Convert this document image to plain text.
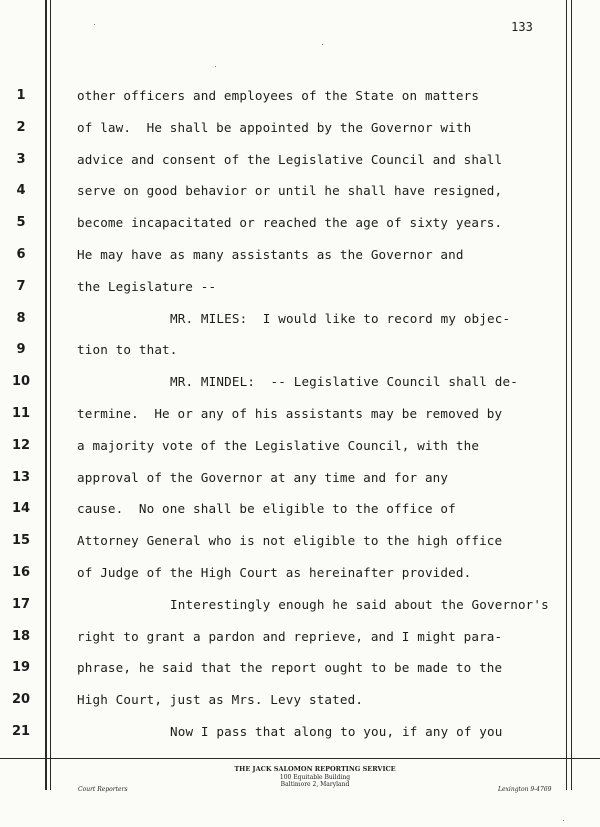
133
1	other officers and employees of the State on matters
2	of law.  He shall be appointed by the Governor with
3	advice and consent of the Legislative Council and shall
4	serve on good behavior or until he shall have resigned,
5	become incapacitated or reached the age of sixty years.
6	He may have as many assistants as the Governor and
7	the Legislature --
8	MR. MILES:  I would like to record my objec-
9	tion to that.
10	MR. MINDEL:  -- Legislative Council shall de-
11	termine.  He or any of his assistants may be removed by
12	a majority vote of the Legislative Council, with the
13	approval of the Governor at any time and for any
14	cause.  No one shall be eligible to the office of
15	Attorney General who is not eligible to the high office
16	of Judge of the High Court as hereinafter provided.
17	Interestingly enough he said about the Governor's
18	right to grant a pardon and reprieve, and I might para-
19	phrase, he said that the report ought to be made to the
20	High Court, just as Mrs. Levy stated.
21	Now I pass that along to you, if any of you
Court Reporters
THE JACK SALOMON REPORTING SERVICE
100 Equitable Building
Baltimore 2, Maryland
Lexington 9-4769
